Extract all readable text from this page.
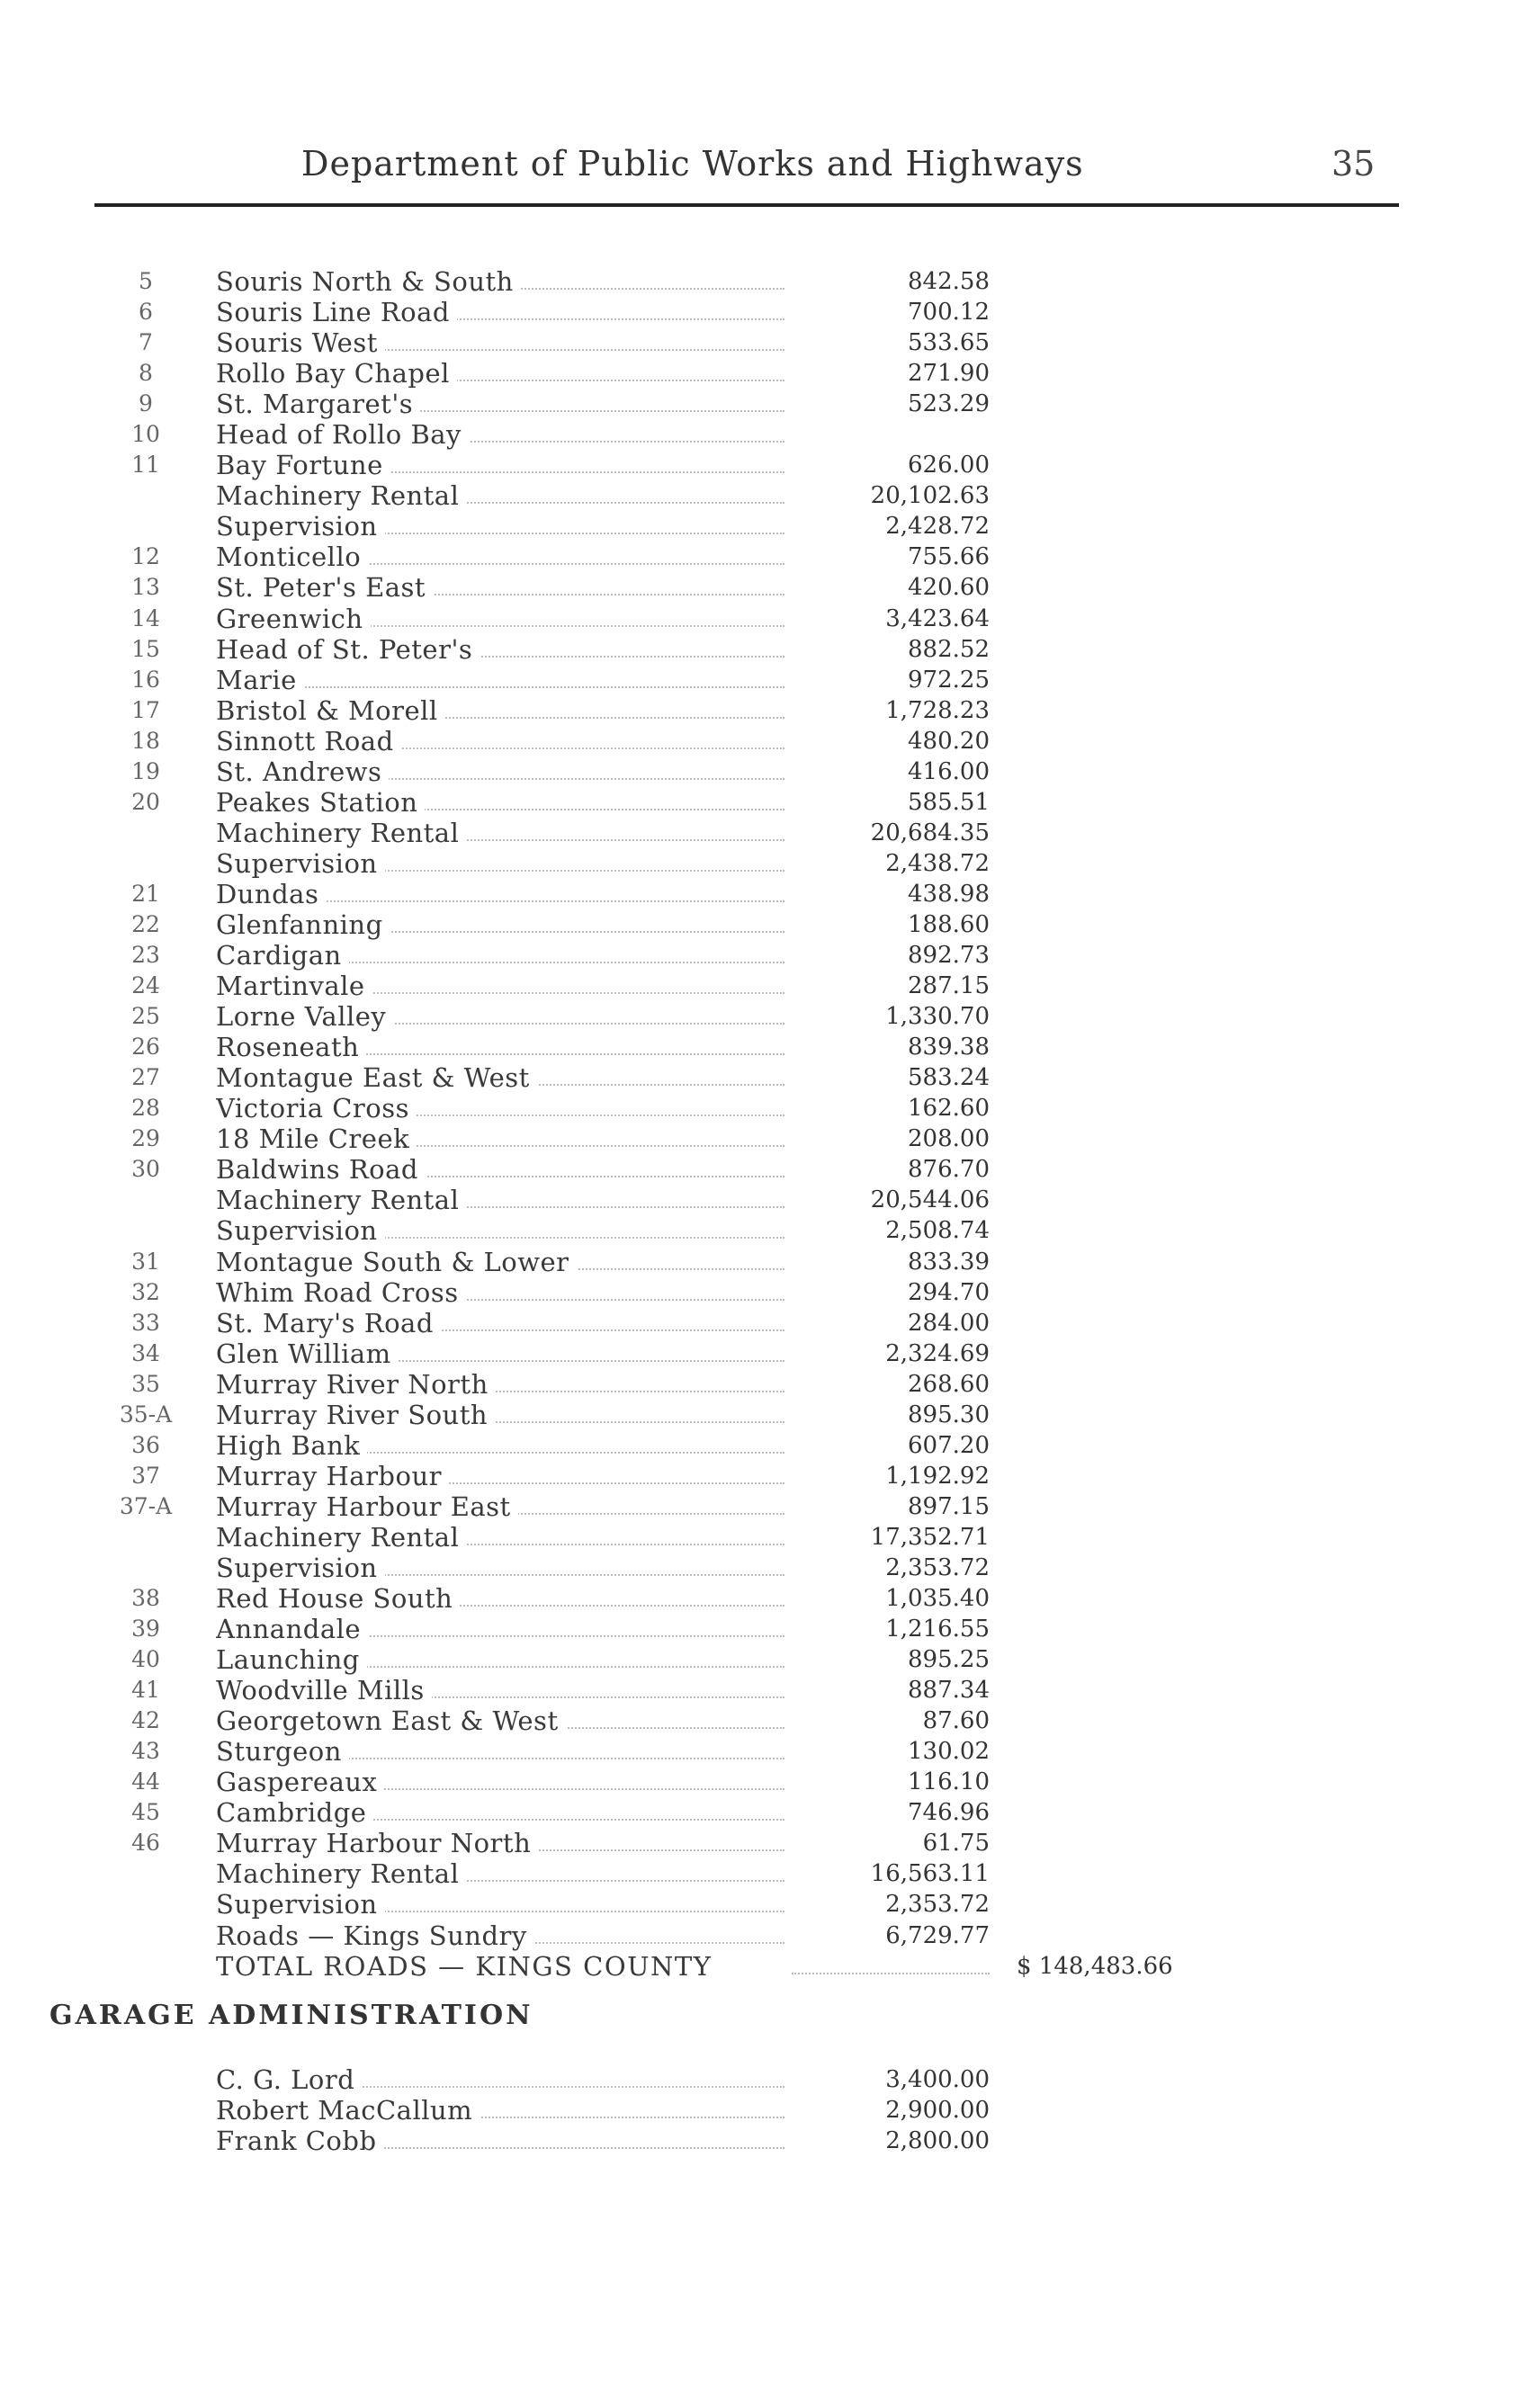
Department of Public Works and Highways	35
5	Souris North & South	842.58
6	Souris Line Road	700.12
7	Souris West	533.65
8	Rollo Bay Chapel	271.90
9	St. Margaret's	523.29
10	Head of Rollo Bay
11	Bay Fortune	626.00
Machinery Rental	20,102.63
Supervision	2,428.72
12	Monticello	755.66
13	St. Peter's East	420.60
14	Greenwich	3,423.64
15	Head of St. Peter's	882.52
16	Marie	972.25
17	Bristol & Morell	1,728.23
18	Sinnott Road	480.20
19	St. Andrews	416.00
20	Peakes Station	585.51
Machinery Rental	20,684.35
Supervision	2,438.72
21	Dundas	438.98
22	Glenfanning	188.60
23	Cardigan	892.73
24	Martinvale	287.15
25	Lorne Valley	1,330.70
26	Roseneath	839.38
27	Montague East & West	583.24
28	Victoria Cross	162.60
29	18 Mile Creek	208.00
30	Baldwins Road	876.70
Machinery Rental	20,544.06
Supervision	2,508.74
31	Montague South & Lower	833.39
32	Whim Road Cross	294.70
33	St. Mary's Road	284.00
34	Glen William	2,324.69
35	Murray River North	268.60
35-A	Murray River South	895.30
36	High Bank	607.20
37	Murray Harbour	1,192.92
37-A	Murray Harbour East	897.15
Machinery Rental	17,352.71
Supervision	2,353.72
38	Red House South	1,035.40
39	Annandale	1,216.55
40	Launching	895.25
41	Woodville Mills	887.34
42	Georgetown East & West	87.60
43	Sturgeon	130.02
44	Gaspereaux	116.10
45	Cambridge	746.96
46	Murray Harbour North	61.75
Machinery Rental	16,563.11
Supervision	2,353.72
Roads — Kings Sundry	6,729.77
TOTAL ROADS — KINGS COUNTY	$ 148,483.66
GARAGE ADMINISTRATION
C. G. Lord	3,400.00
Robert MacCallum	2,900.00
Frank Cobb	2,800.00
